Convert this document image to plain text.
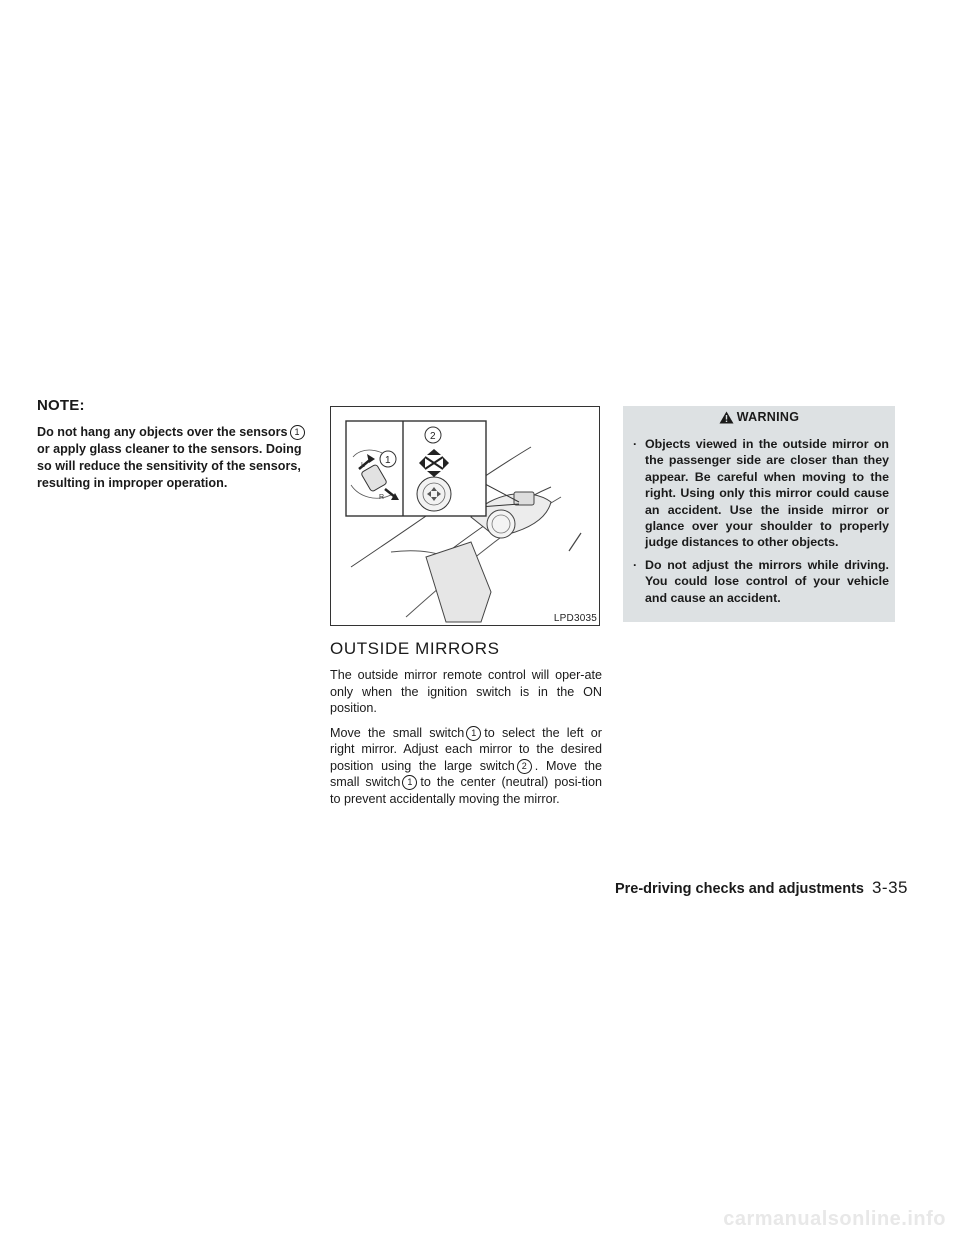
NOTE:

Do not hang any objects over the sensors 1or apply glass cleaner to the sensors. Doing so will reduce the sensitivity of the sensors, resulting in improper operation.

L
R
1
2
LPD3035
OUTSIDE MIRRORS

The outside mirror remote control will oper-ate only when the ignition switch is in the ON position.

Move the small switch 1 to select the left or right mirror. Adjust each mirror to the desired position using the large switch 2 . Move the small switch 1 to the center (neutral) posi-tion to prevent accidentally moving the mirror.

WARNING

· Objects viewed in the outside mirror on the passenger side are closer than they appear. Be careful when moving to the right. Using only this mirror could cause an accident. Use the inside mirror or glance over your shoulder to properly judge distances to other objects.

· Do not adjust the mirrors while driving. You could lose control of your vehicle and cause an accident.

Pre-driving checks and adjustments 3-35
carmanualsonline.info
